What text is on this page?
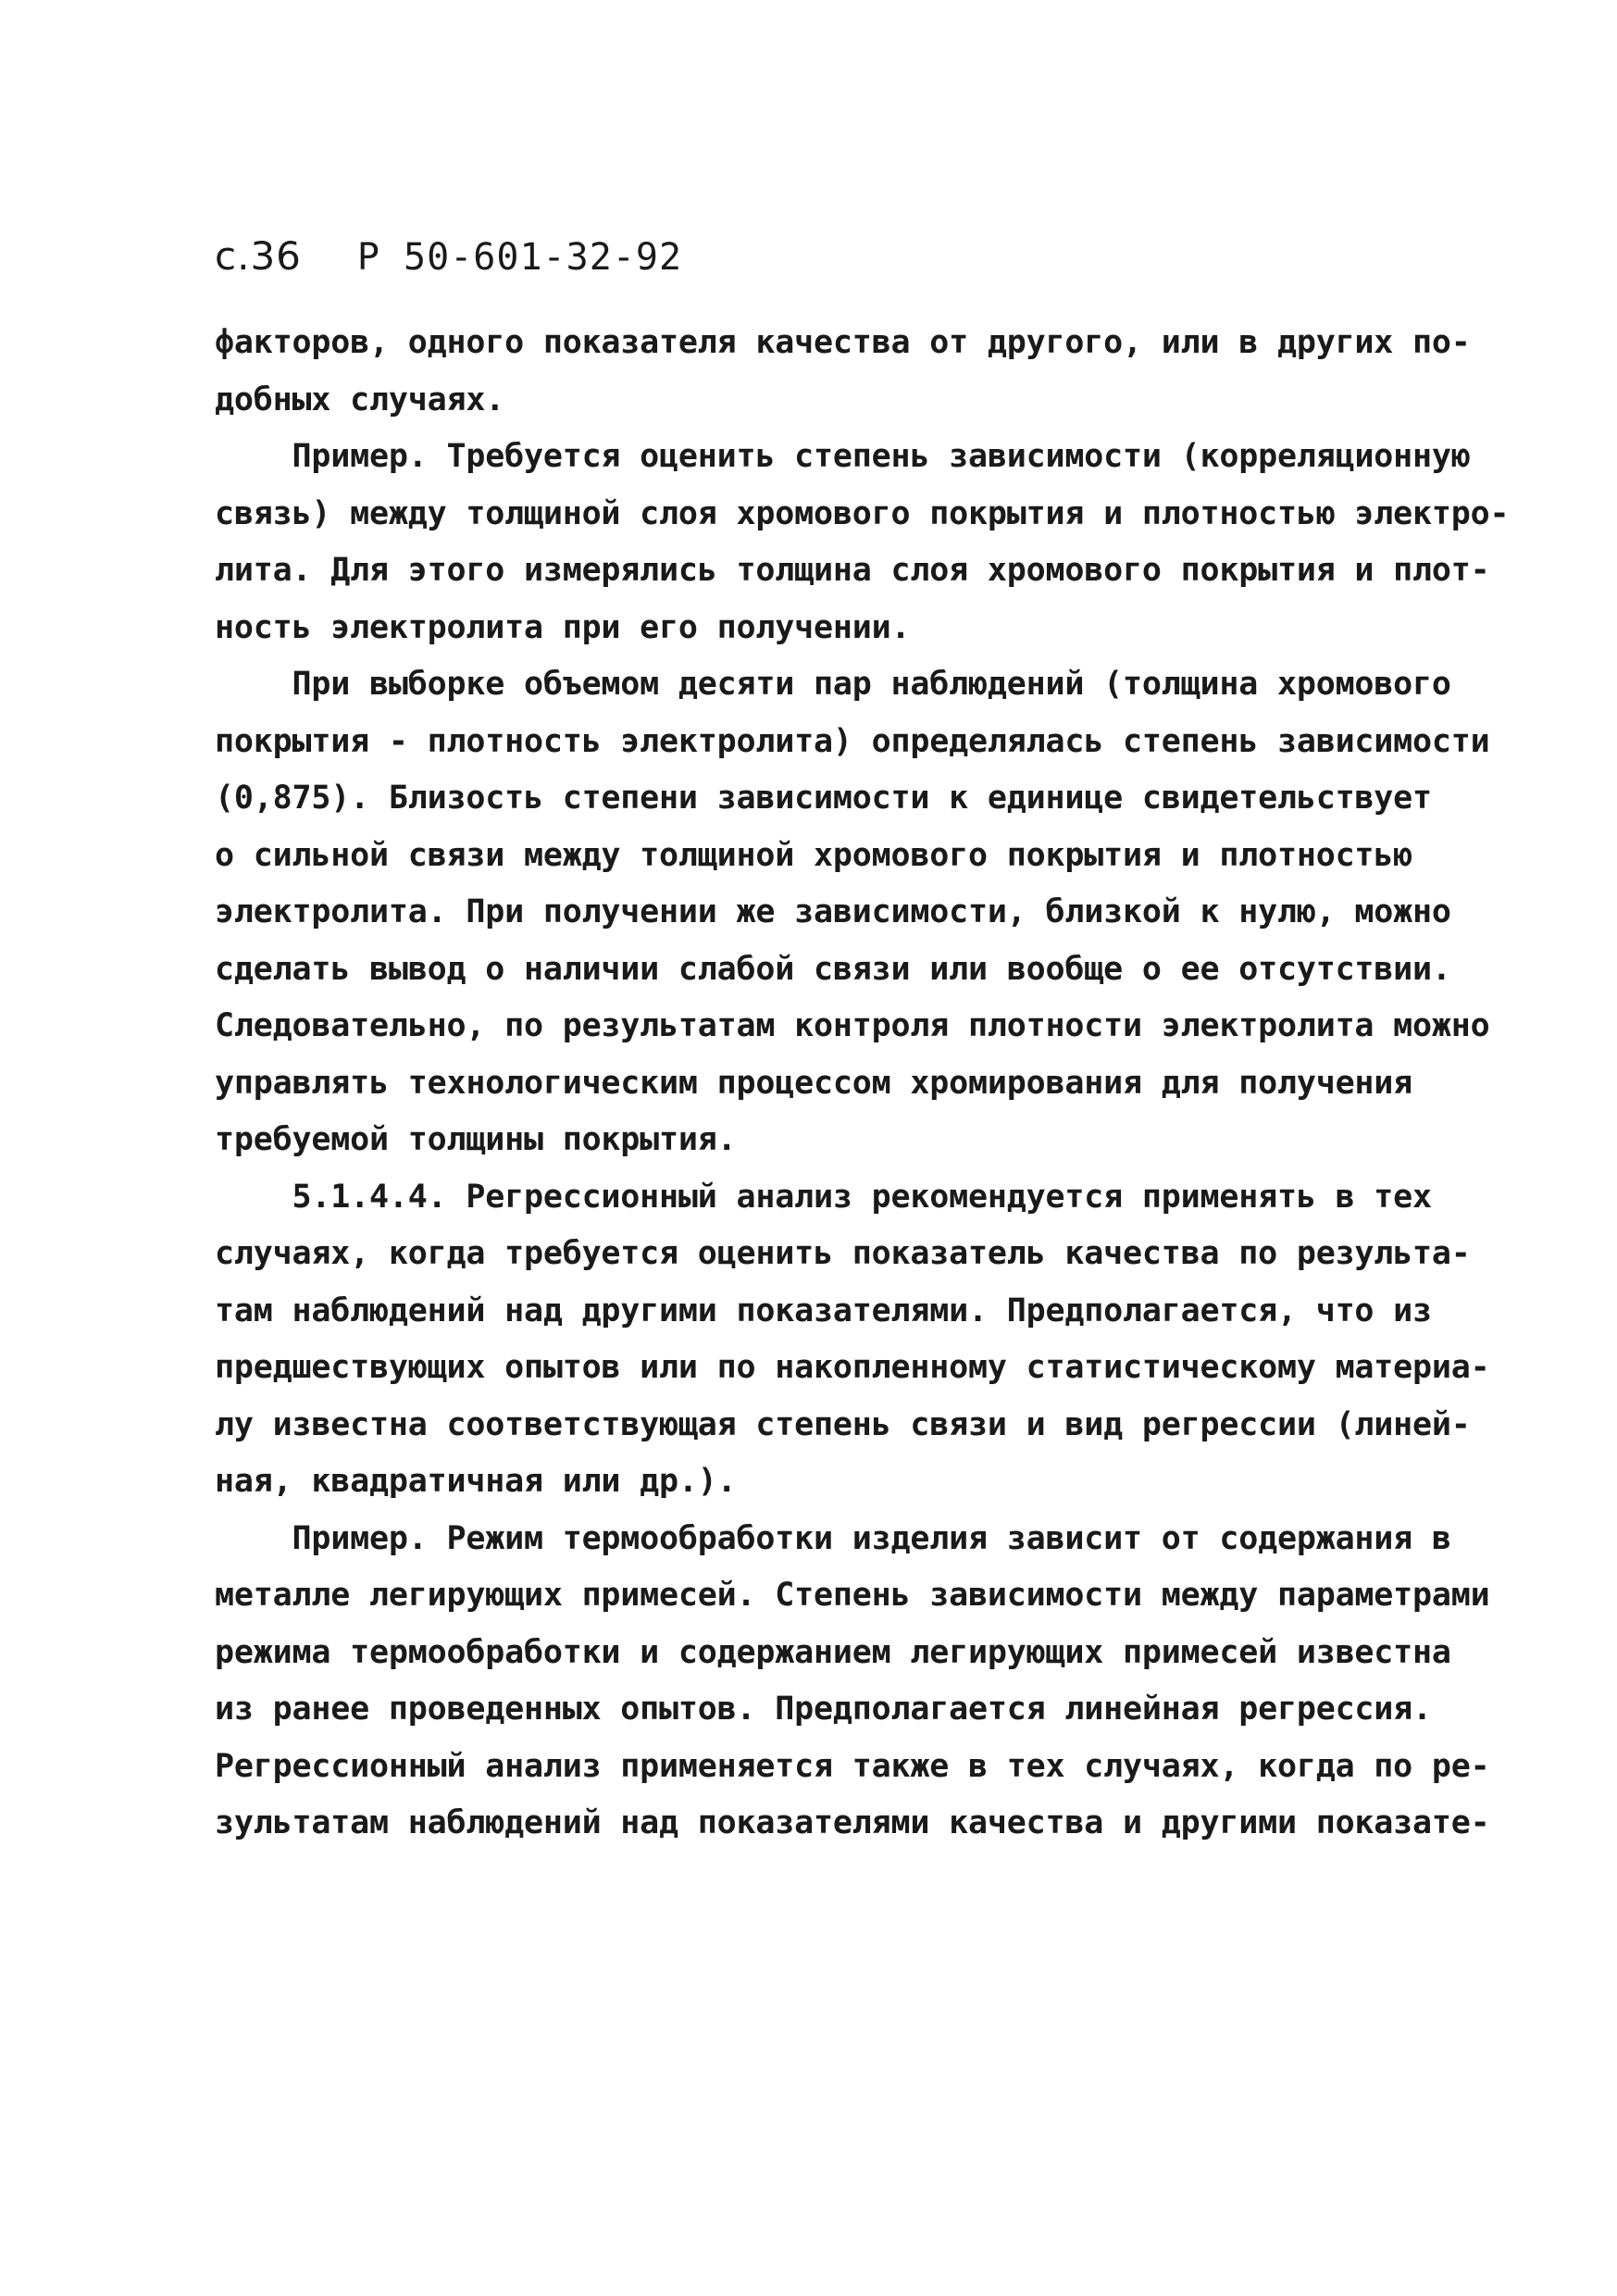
с.36 Р 50-601-32-92
факторов, одного показателя качества от другого, или в других по-
добных случаях.
Пример. Требуется оценить степень зависимости (корреляционную
связь) между толщиной слоя хромового покрытия и плотностью электро-
лита. Для этого измерялись толщина слоя хромового покрытия и плот-
ность электролита при его получении.
При выборке объемом десяти пар наблюдений (толщина хромового
покрытия - плотность электролита) определялась степень зависимости
(0,875). Близость степени зависимости к единице свидетельствует
о сильной связи между толщиной хромового покрытия и плотностью
электролита. При получении же зависимости, близкой к нулю, можно
сделать вывод о наличии слабой связи или вообще о ее отсутствии.
Следовательно, по результатам контроля плотности электролита можно
управлять технологическим процессом хромирования для получения
требуемой толщины покрытия.
5.1.4.4. Регрессионный анализ рекомендуется применять в тех
случаях, когда требуется оценить показатель качества по результа-
там наблюдений над другими показателями. Предполагается, что из
предшествующих опытов или по накопленному статистическому материа-
лу известна соответствующая степень связи и вид регрессии (линей-
ная, квадратичная или др.).
Пример. Режим термообработки изделия зависит от содержания в
металле легирующих примесей. Степень зависимости между параметрами
режима термообработки и содержанием легирующих примесей известна
из ранее проведенных опытов. Предполагается линейная регрессия.
Регрессионный анализ применяется также в тех случаях, когда по ре-
зультатам наблюдений над показателями качества и другими показате-
